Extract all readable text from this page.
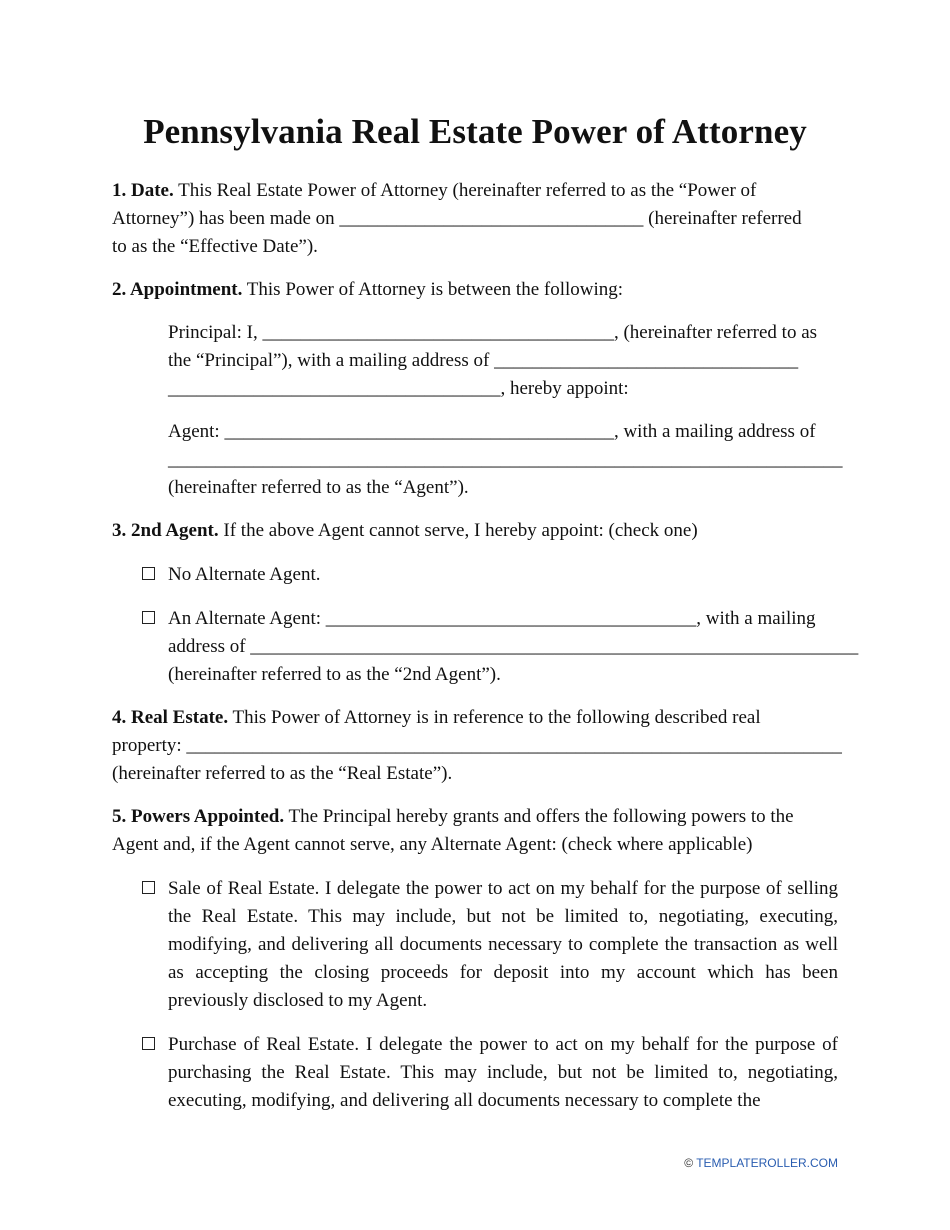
Pennsylvania Real Estate Power of Attorney

1. Date. This Real Estate Power of Attorney (hereinafter referred to as the “Power of
Attorney”) has been made on ________________________________ (hereinafter referred
to as the “Effective Date”).

2. Appointment. This Power of Attorney is between the following:

Principal: I, _____________________________________, (hereinafter referred to as
the “Principal”), with a mailing address of ________________________________
___________________________________, hereby appoint:

Agent: _________________________________________, with a mailing address of
_______________________________________________________________________
(hereinafter referred to as the “Agent”).

3. 2nd Agent. If the above Agent cannot serve, I hereby appoint: (check one)

No Alternate Agent.

An Alternate Agent: _______________________________________, with a mailing
address of ________________________________________________________________
(hereinafter referred to as the “2nd Agent”).

4. Real Estate. This Power of Attorney is in reference to the following described real
property: _____________________________________________________________________
(hereinafter referred to as the “Real Estate”).

5. Powers Appointed. The Principal hereby grants and offers the following powers to the
Agent and, if the Agent cannot serve, any Alternate Agent: (check where applicable)

Sale of Real Estate. I delegate the power to act on my behalf for the purpose of selling the Real Estate. This may include, but not be limited to, negotiating, executing, modifying, and delivering all documents necessary to complete the transaction as well as accepting the closing proceeds for deposit into my account which has been previously disclosed to my Agent.

Purchase of Real Estate. I delegate the power to act on my behalf for the purpose of purchasing the Real Estate. This may include, but not be limited to, negotiating, executing, modifying, and delivering all documents necessary to complete the

© TEMPLATEROLLER.COM
